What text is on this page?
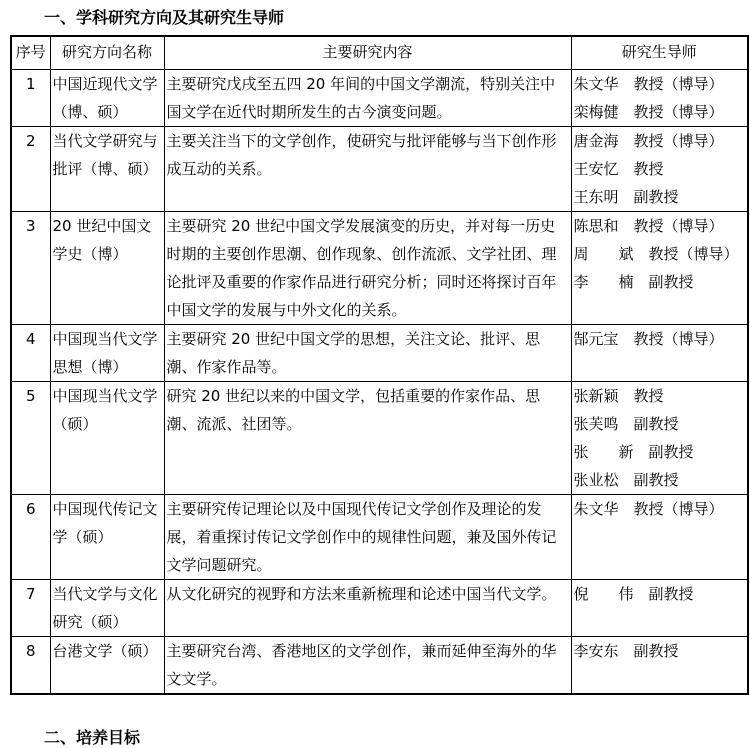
一、学科研究方向及其研究生导师
序号	研究方向名称	主要研究内容	研究生导师
1	中国近现代文学（博、硕）	主要研究戊戌至五四 20 年间的中国文学潮流，特别关注中国文学在近代时期所发生的古今演变问题。	朱文华　教授（博导）
栾梅健　教授（博导）

2	当代文学研究与批评（博、硕）	主要关注当下的文学创作，使研究与批评能够与当下创作形成互动的关系。	唐金海　教授（博导）
王安忆　教授
王东明　副教授

3	20 世纪中国文学史（博）	主要研究 20 世纪中国文学发展演变的历史，并对每一历史时期的主要创作思潮、创作现象、创作流派、文学社团、理论批评及重要的作家作品进行研究分析；同时还将探讨百年中国文学的发展与中外文化的关系。	陈思和　教授（博导）
周　　斌　教授（博导）
李　　楠　副教授

4	中国现当代文学思想（博）	主要研究 20 世纪中国文学的思想，关注文论、批评、思潮、作家作品等。	郜元宝　教授（博导）

5	中国现当代文学（硕）	研究 20 世纪以来的中国文学，包括重要的作家作品、思潮、流派、社团等。	张新颖　教授
张芙鸣　副教授
张　　新　副教授
张业松　副教授

6	中国现代传记文学（硕）	主要研究传记理论以及中国现代传记文学创作及理论的发展，着重探讨传记文学创作中的规律性问题，兼及国外传记文学问题研究。	朱文华　教授（博导）

7	当代文学与文化研究（硕）	从文化研究的视野和方法来重新梳理和论述中国当代文学。	倪　　伟　副教授

8	台港文学（硕）	主要研究台湾、香港地区的文学创作，兼而延伸至海外的华文文学。	李安东　副教授
二、培养目标
